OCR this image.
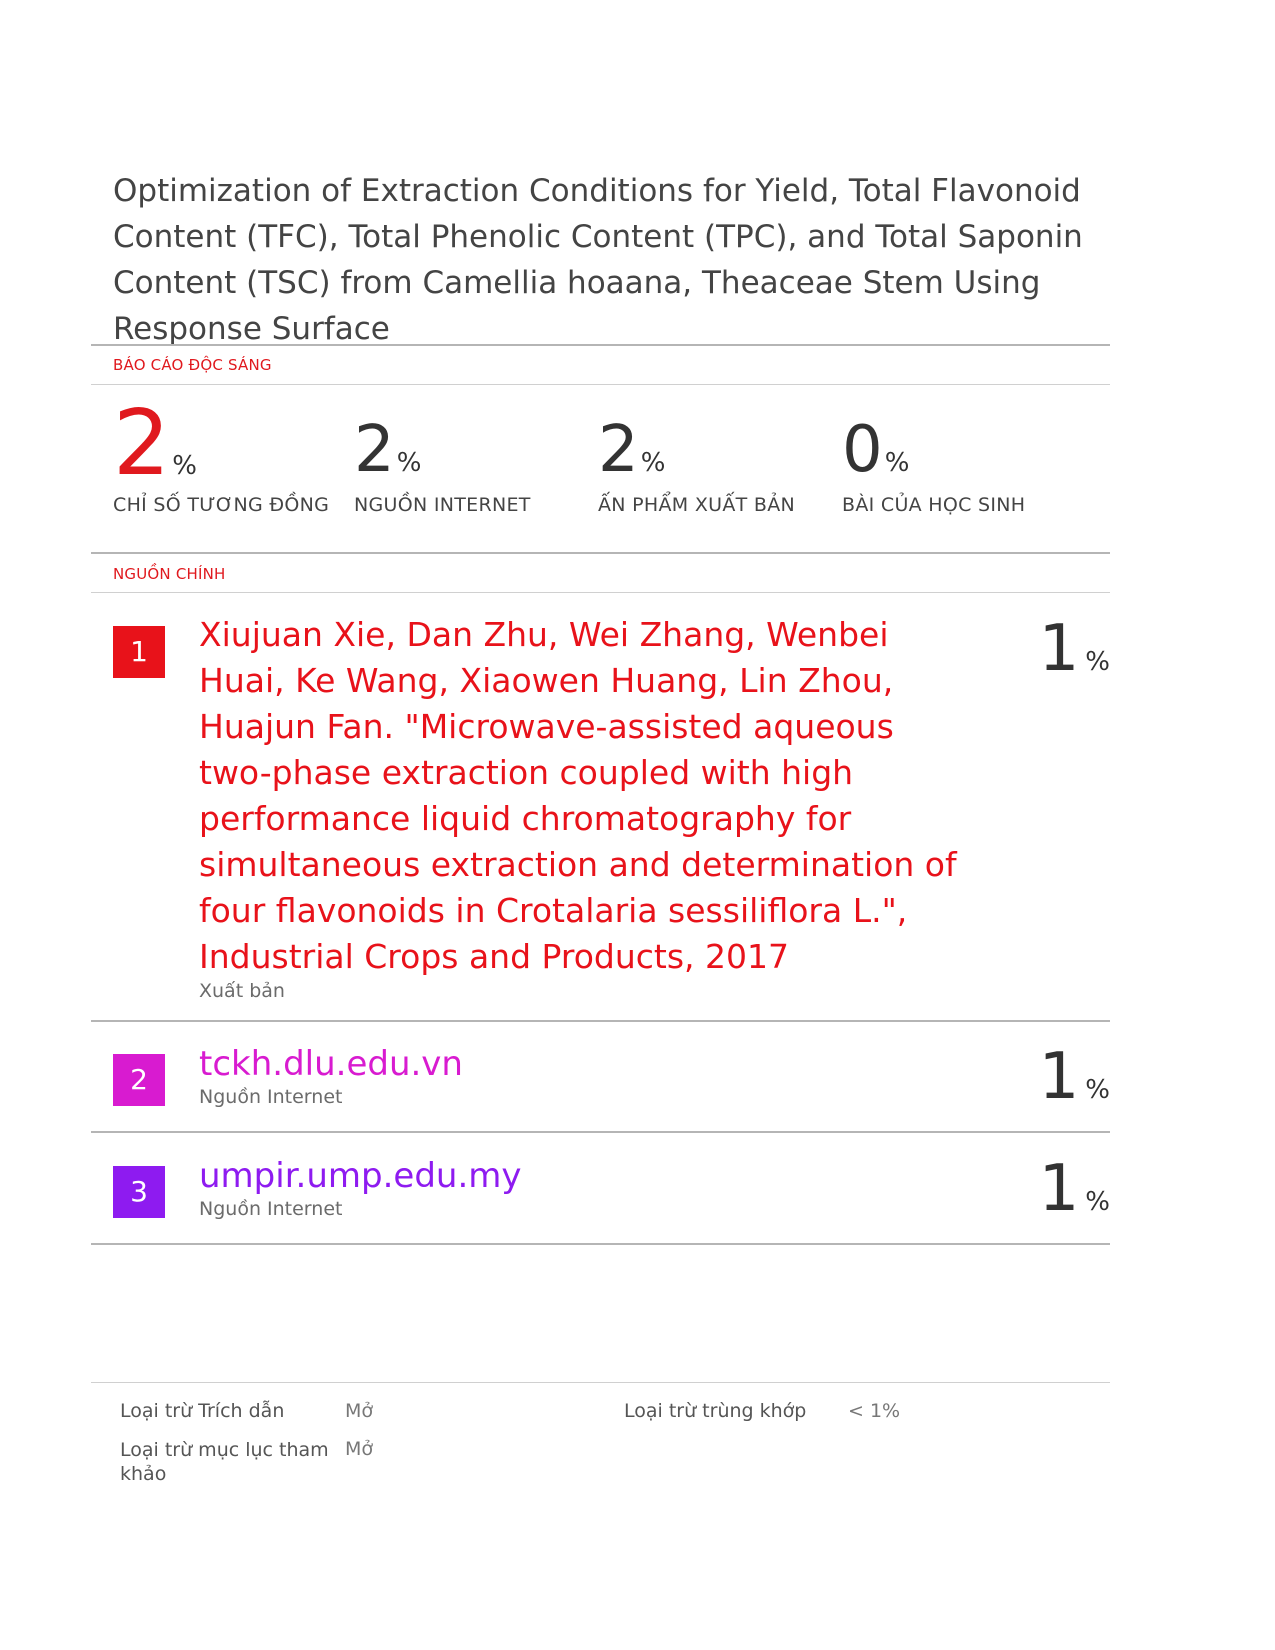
Optimization of Extraction Conditions for Yield, Total Flavonoid Content (TFC), Total Phenolic Content (TPC), and Total Saponin Content (TSC) from Camellia hoaana, Theaceae Stem Using Response Surface
BÁO CÁO ĐỘC SÁNG
2%
CHỈ SỐ TƯƠNG ĐỒNG
2%
NGUỒN INTERNET
2%
ẤN PHẨM XUẤT BẢN
0%
BÀI CỦA HỌC SINH
NGUỒN CHÍNH
1	Xiujuan Xie, Dan Zhu, Wei Zhang, Wenbei Huai, Ke Wang, Xiaowen Huang, Lin Zhou, Huajun Fan. "Microwave-assisted aqueous two-phase extraction coupled with high performance liquid chromatography for simultaneous extraction and determination of four flavonoids in Crotalaria sessiliflora L.", Industrial Crops and Products, 2017

Xuất bản
1 %
2	tckh.dlu.edu.vn
Nguồn Internet	1 %
3	umpir.ump.edu.my
Nguồn Internet	1 %
Loại trừ Trích dẫn	Mở
Loại trừ mục lục tham khảo
Mở
Loại trừ trùng khớp < 1%
